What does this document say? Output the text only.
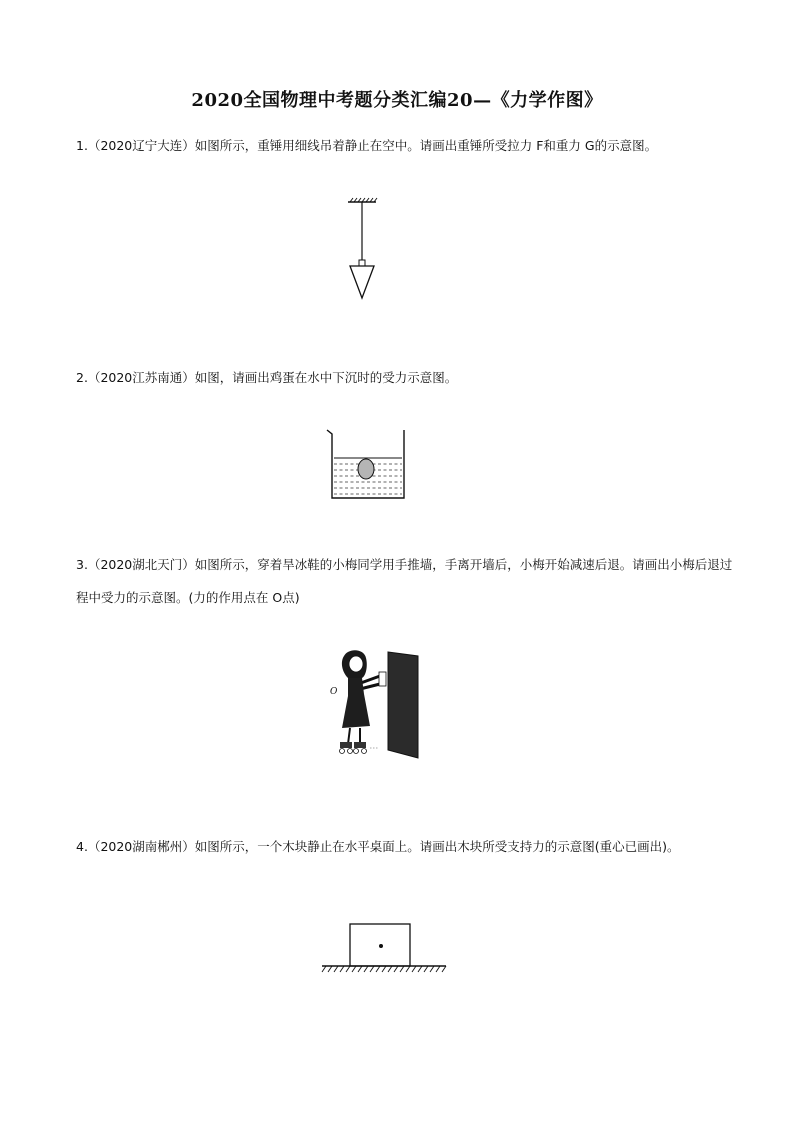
2020全国物理中考题分类汇编20—《力学作图》
1.（2020辽宁大连）如图所示，重锤用细线吊着静止在空中。请画出重锤所受拉力 F和重力 G的示意图。
2.（2020江苏南通）如图，请画出鸡蛋在水中下沉时的受力示意图。
3.（2020湖北天门）如图所示，穿着旱冰鞋的小梅同学用手推墙，手离开墙后，小梅开始减速后退。请画出小梅后退过程中受力的示意图。(力的作用点在 O点)
O
4.（2020湖南郴州）如图所示，一个木块静止在水平桌面上。请画出木块所受支持力的示意图(重心已画出)。
